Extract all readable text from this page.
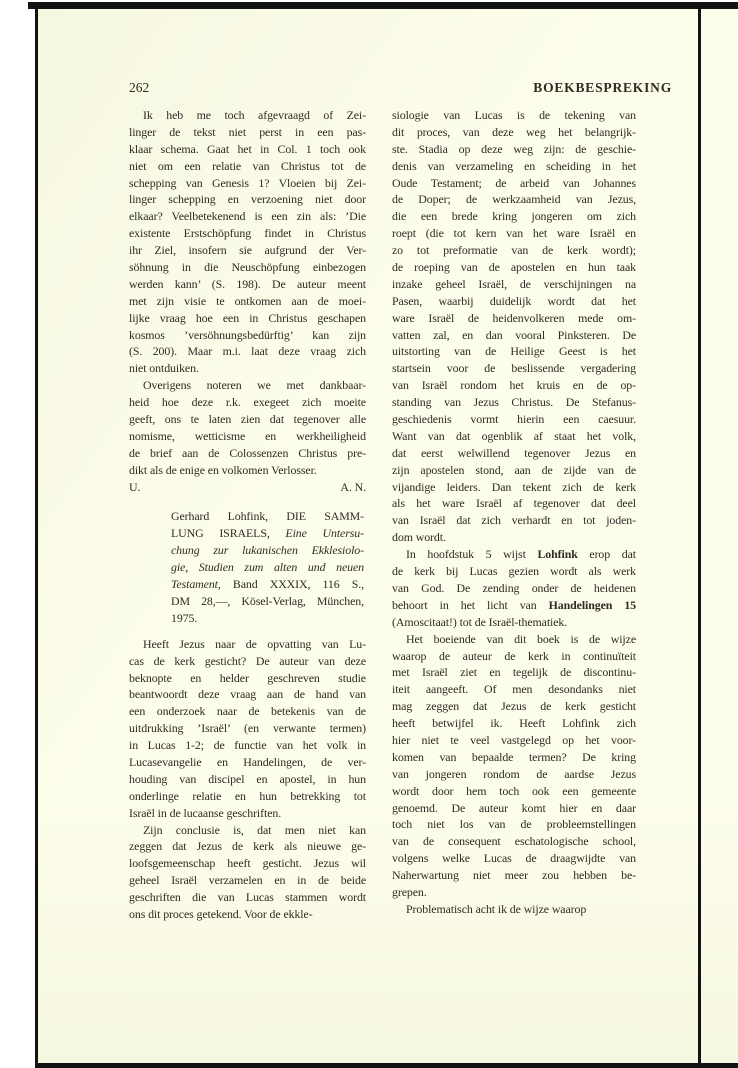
262	BOEKBESPREKING
Ik heb me toch afgevraagd of Zei-
linger de tekst niet perst in een pas-
klaar schema. Gaat het in Col. 1 toch ook
niet om een relatie van Christus tot de
schepping van Genesis 1? Vloeien bij Zei-
linger schepping en verzoening niet door
elkaar? Veelbetekenend is een zin als: ’Die
existente Erstschöpfung findet in Christus
ihr Ziel, insofern sie aufgrund der Ver-
söhnung in die Neuschöpfung einbezogen
werden kann’ (S. 198). De auteur meent
met zijn visie te ontkomen aan de moei-
lijke vraag hoe een in Christus geschapen
kosmos ’versöhnungsbedürftig’ kan zijn
(S. 200). Maar m.i. laat deze vraag zich
niet ontduiken.
Overigens noteren we met dankbaar-
heid hoe deze r.k. exegeet zich moeite
geeft, ons te laten zien dat tegenover alle
nomisme, wetticisme en werkheiligheid
de brief aan de Colossenzen Christus pre-
dikt als de enige en volkomen Verlosser.
U.	A. N.
Gerhard Lohfink, DIE SAMM-
LUNG ISRAELS, Eine Untersu-
chung zur lukanischen Ekklesiolo-
gie, Studien zum alten und neuen
Testament, Band XXXIX, 116 S.,
DM 28,—, Kösel-Verlag, München,
1975.
Heeft Jezus naar de opvatting van Lu-
cas de kerk gesticht? De auteur van deze
beknopte en helder geschreven studie
beantwoordt deze vraag aan de hand van
een onderzoek naar de betekenis van de
uitdrukking ’Israël’ (en verwante termen)
in Lucas 1-2; de functie van het volk in
Lucasevangelie en Handelingen, de ver-
houding van discipel en apostel, in hun
onderlinge relatie en hun betrekking tot
Israël in de lucaanse geschriften.
Zijn conclusie is, dat men niet kan
zeggen dat Jezus de kerk als nieuwe ge-
loofsgemeenschap heeft gesticht. Jezus wil
geheel Israël verzamelen en in de beide
geschriften die van Lucas stammen wordt
ons dit proces getekend. Voor de ekkle-
siologie van Lucas is de tekening van
dit proces, van deze weg het belangrijk-
ste. Stadia op deze weg zijn: de geschie-
denis van verzameling en scheiding in het
Oude Testament; de arbeid van Johannes
de Doper; de werkzaamheid van Jezus,
die een brede kring jongeren om zich
roept (die tot kern van het ware Israël en
zo tot preformatie van de kerk wordt);
de roeping van de apostelen en hun taak
inzake geheel Israël, de verschijningen na
Pasen, waarbij duidelijk wordt dat het
ware Israël de heidenvolkeren mede om-
vatten zal, en dan vooral Pinksteren. De
uitstorting van de Heilige Geest is het
startsein voor de beslissende vergadering
van Israël rondom het kruis en de op-
standing van Jezus Christus. De Stefanus-
geschiedenis vormt hierin een caesuur.
Want van dat ogenblik af staat het volk,
dat eerst welwillend tegenover Jezus en
zijn apostelen stond, aan de zijde van de
vijandige leiders. Dan tekent zich de kerk
als het ware Israël af tegenover dat deel
van Israël dat zich verhardt en tot joden-
dom wordt.
In hoofdstuk 5 wijst Lohfink erop dat
de kerk bij Lucas gezien wordt als werk
van God. De zending onder de heidenen
behoort in het licht van Handelingen 15
(Amoscitaat!) tot de Israël-thematiek.
Het boeiende van dit boek is de wijze
waarop de auteur de kerk in continuïteit
met Israël ziet en tegelijk de discontinu-
iteit aangeeft. Of men desondanks niet
mag zeggen dat Jezus de kerk gesticht
heeft betwijfel ik. Heeft Lohfink zich
hier niet te veel vastgelegd op het voor-
komen van bepaalde termen? De kring
van jongeren rondom de aardse Jezus
wordt door hem toch ook een gemeente
genoemd. De auteur komt hier en daar
toch niet los van de probleemstellingen
van de consequent eschatologische school,
volgens welke Lucas de draagwijdte van
Naherwartung niet meer zou hebben be-
grepen.
Problematisch acht ik de wijze waarop
